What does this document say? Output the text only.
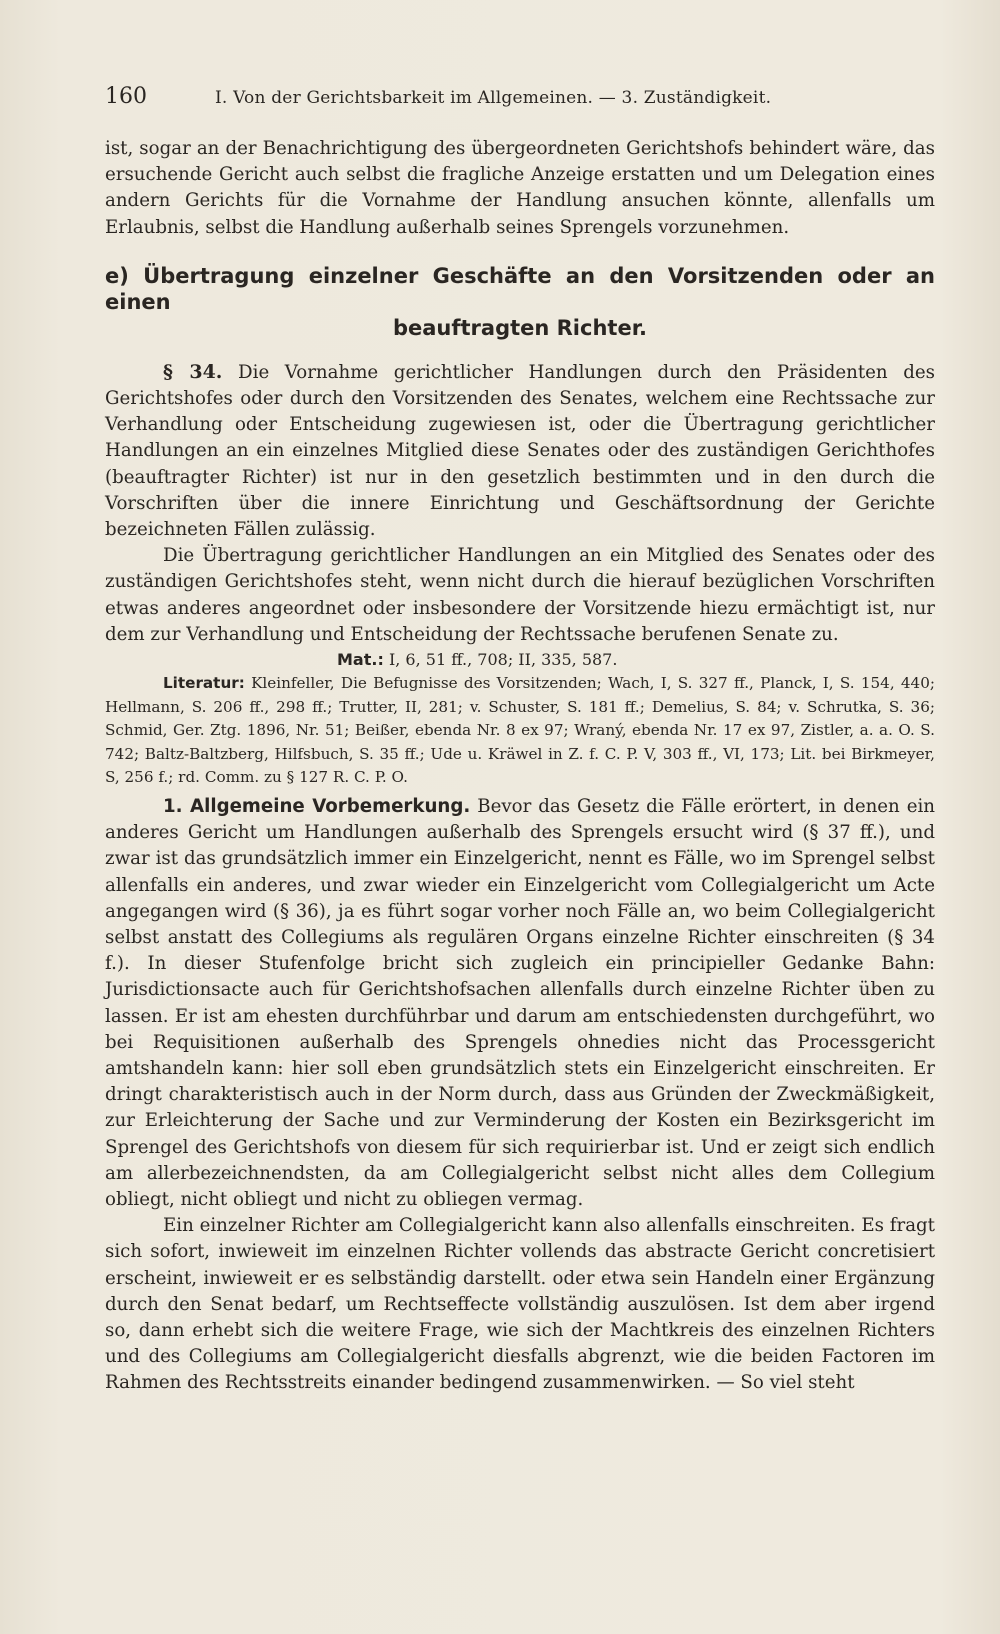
160	I. Von der Gerichtsbarkeit im Allgemeinen. — 3. Zuständigkeit.

ist, sogar an der Benachrichtigung des übergeordneten Gerichtshofs behindert wäre, das ersuchende Gericht auch selbst die fragliche Anzeige erstatten und um Delegation eines andern Gerichts für die Vornahme der Handlung ansuchen könnte, allenfalls um Erlaubnis, selbst die Handlung außerhalb seines Sprengels vorzunehmen.

e) Übertragung einzelner Geschäfte an den Vorsitzenden oder an einen
beauftragten Richter.

§ 34. Die Vornahme gerichtlicher Handlungen durch den Präsidenten des Gerichtshofes oder durch den Vorsitzenden des Senates, welchem eine Rechtssache zur Verhandlung oder Entscheidung zugewiesen ist, oder die Übertragung gerichtlicher Handlungen an ein einzelnes Mitglied diese Senates oder des zuständigen Gerichthofes (beauftragter Richter) ist nur in den gesetzlich bestimmten und in den durch die Vorschriften über die innere Einrichtung und Geschäftsordnung der Gerichte bezeichneten Fällen zulässig.

Die Übertragung gerichtlicher Handlungen an ein Mitglied des Senates oder des zuständigen Gerichtshofes steht, wenn nicht durch die hierauf bezüglichen Vorschriften etwas anderes angeordnet oder insbesondere der Vorsitzende hiezu ermächtigt ist, nur dem zur Verhandlung und Entscheidung der Rechtssache berufenen Senate zu.

Mat.: I, 6, 51 ff., 708; II, 335, 587.

Literatur: Kleinfeller, Die Befugnisse des Vorsitzenden; Wach, I, S. 327 ff., Planck, I, S. 154, 440; Hellmann, S. 206 ff., 298 ff.; Trutter, II, 281; v. Schuster, S. 181 ff.; Demelius, S. 84; v. Schrutka, S. 36; Schmid, Ger. Ztg. 1896, Nr. 51; Beißer, ebenda Nr. 8 ex 97; Wraný, ebenda Nr. 17 ex 97, Zistler, a. a. O. S. 742; Baltz-Baltzberg, Hilfsbuch, S. 35 ff.; Ude u. Kräwel in Z. f. C. P. V, 303 ff., VI, 173; Lit. bei Birkmeyer, S, 256 f.; rd. Comm. zu § 127 R. C. P. O.

1. Allgemeine Vorbemerkung. Bevor das Gesetz die Fälle erörtert, in denen ein anderes Gericht um Handlungen außerhalb des Sprengels ersucht wird (§ 37 ff.), und zwar ist das grundsätzlich immer ein Einzelgericht, nennt es Fälle, wo im Sprengel selbst allenfalls ein anderes, und zwar wieder ein Einzelgericht vom Collegialgericht um Acte angegangen wird (§ 36), ja es führt sogar vorher noch Fälle an, wo beim Collegialgericht selbst anstatt des Collegiums als regulären Organs einzelne Richter einschreiten (§ 34 f.). In dieser Stufenfolge bricht sich zugleich ein principieller Gedanke Bahn: Jurisdictionsacte auch für Gerichtshofsachen allenfalls durch einzelne Richter üben zu lassen. Er ist am ehesten durchführbar und darum am entschiedensten durchgeführt, wo bei Requisitionen außerhalb des Sprengels ohnedies nicht das Processgericht amtshandeln kann: hier soll eben grundsätzlich stets ein Einzelgericht einschreiten. Er dringt charakteristisch auch in der Norm durch, dass aus Gründen der Zweckmäßigkeit, zur Erleichterung der Sache und zur Verminderung der Kosten ein Bezirksgericht im Sprengel des Gerichtshofs von diesem für sich requirierbar ist. Und er zeigt sich endlich am allerbezeichnendsten, da am Collegialgericht selbst nicht alles dem Collegium obliegt, nicht obliegt und nicht zu obliegen vermag.

Ein einzelner Richter am Collegialgericht kann also allenfalls einschreiten. Es fragt sich sofort, inwieweit im einzelnen Richter vollends das abstracte Gericht concretisiert erscheint, inwieweit er es selbständig darstellt. oder etwa sein Handeln einer Ergänzung durch den Senat bedarf, um Rechtseffecte vollständig auszulösen. Ist dem aber irgend so, dann erhebt sich die weitere Frage, wie sich der Machtkreis des einzelnen Richters und des Collegiums am Collegialgericht diesfalls abgrenzt, wie die beiden Factoren im Rahmen des Rechtsstreits einander bedingend zusammenwirken. — So viel steht
